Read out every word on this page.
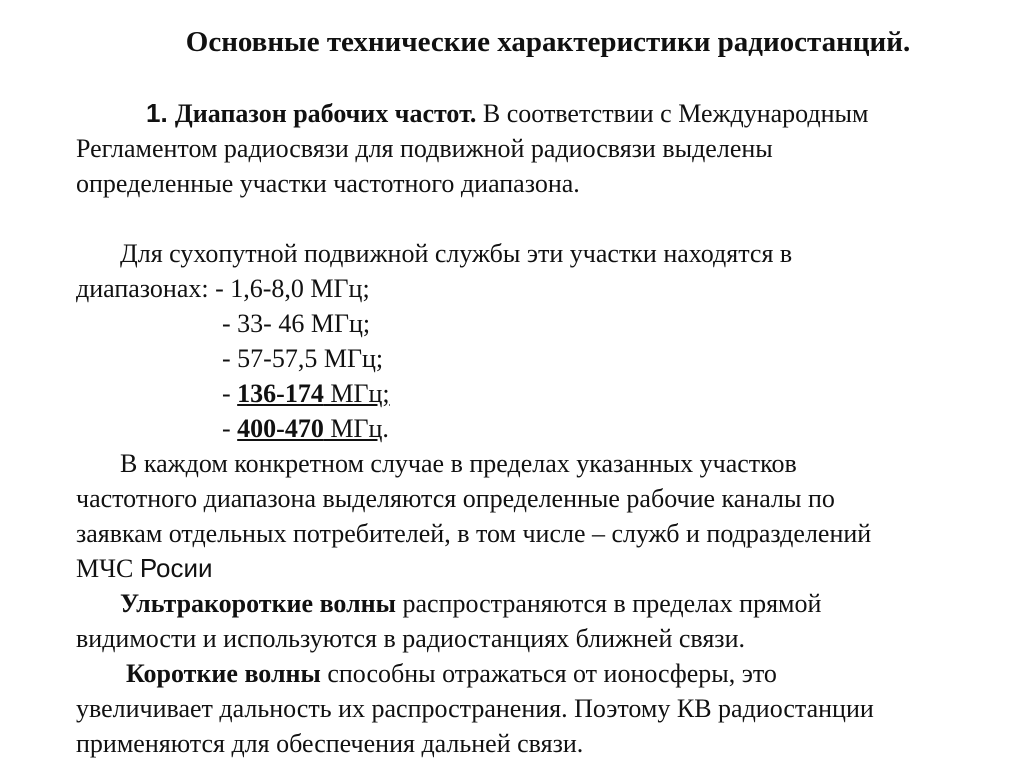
Основные технические характеристики радиостанций.
1. Диапазон рабочих частот. В соответствии с Международным
Регламентом радиосвязи для подвижной радиосвязи выделены
определенные участки частотного диапазона.
Для сухопутной подвижной службы эти участки находятся в
диапазонах: - 1,6-8,0 МГц;
- 33- 46 МГц;
- 57-57,5 МГц;
- 136-174 МГц;
- 400-470 МГц.
В каждом конкретном случае в пределах указанных участков
частотного диапазона выделяются определенные рабочие каналы по
заявкам отдельных потребителей, в том числе – служб и подразделений
МЧС Росии
Ультракороткие волны распространяются в пределах прямой
видимости и используются в радиостанциях ближней связи.
Короткие волны способны отражаться от ионосферы, это
увеличивает дальность их распространения. Поэтому КВ радиостанции
применяются для обеспечения дальней связи.
